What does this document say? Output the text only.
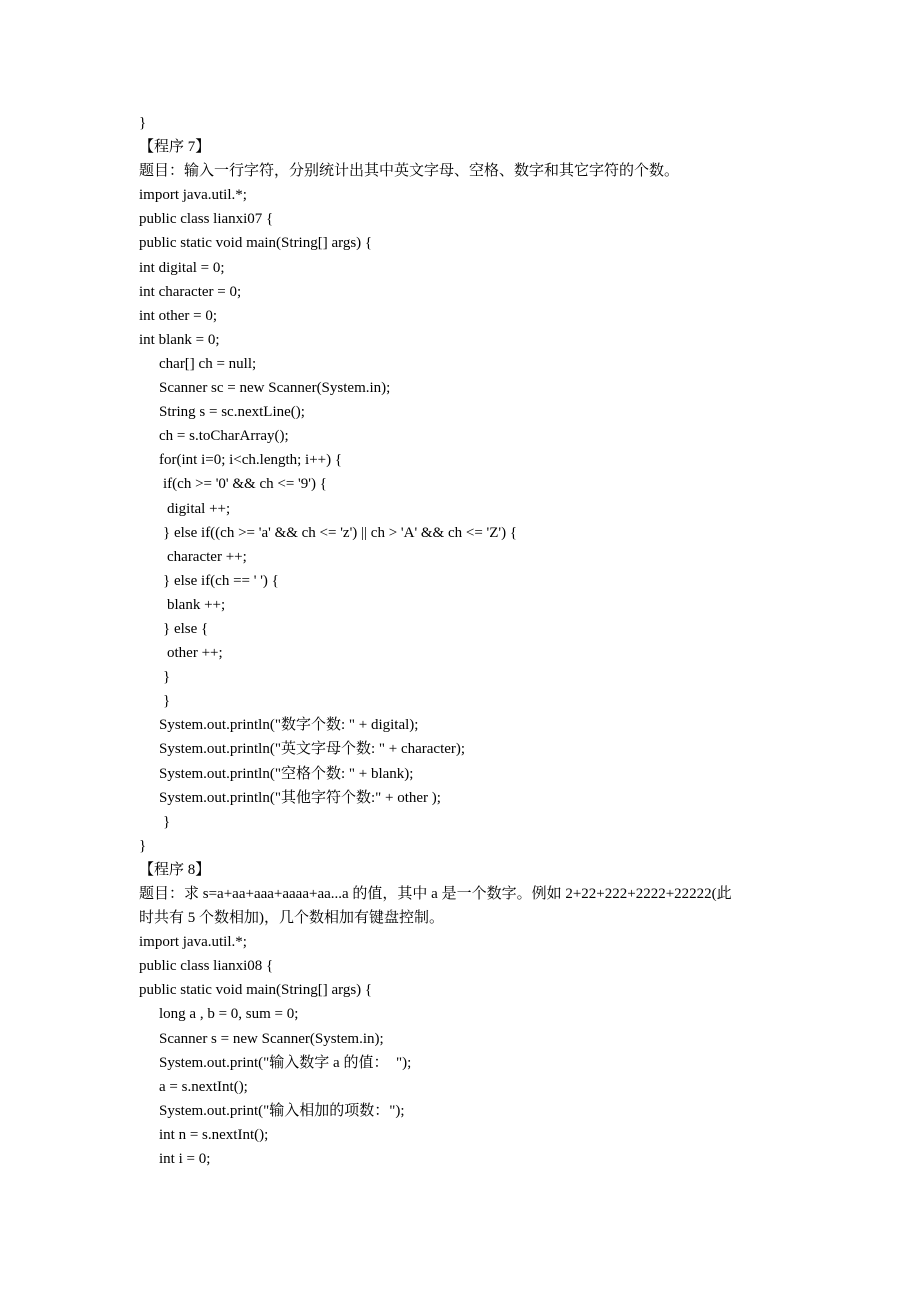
}
【程序 7】
题目：输入一行字符，分别统计出其中英文字母、空格、数字和其它字符的个数。
import java.util.*;
public class lianxi07 {
public static void main(String[] args) {
int digital = 0;
int character = 0;
int other = 0;
int blank = 0;
char[] ch = null;
Scanner sc = new Scanner(System.in);
String s = sc.nextLine();
ch = s.toCharArray();
for(int i=0; i<ch.length; i++) {
if(ch >= '0' && ch <= '9') {
digital ++;
} else if((ch >= 'a' && ch <= 'z') || ch > 'A' && ch <= 'Z') {
character ++;
} else if(ch == ' ') {
blank ++;
} else {
other ++;
}
}
System.out.println("数字个数: " + digital);
System.out.println("英文字母个数: " + character);
System.out.println("空格个数: " + blank);
System.out.println("其他字符个数:" + other );
}
}
【程序 8】
题目：求 s=a+aa+aaa+aaaa+aa...a 的值，其中 a 是一个数字。例如 2+22+222+2222+22222(此
时共有 5 个数相加)，几个数相加有键盘控制。
import java.util.*;
public class lianxi08 {
public static void main(String[] args) {
long a , b = 0, sum = 0;
Scanner s = new Scanner(System.in);
System.out.print("输入数字 a 的值：  ");
a = s.nextInt();
System.out.print("输入相加的项数：");
int n = s.nextInt();
int i = 0;
